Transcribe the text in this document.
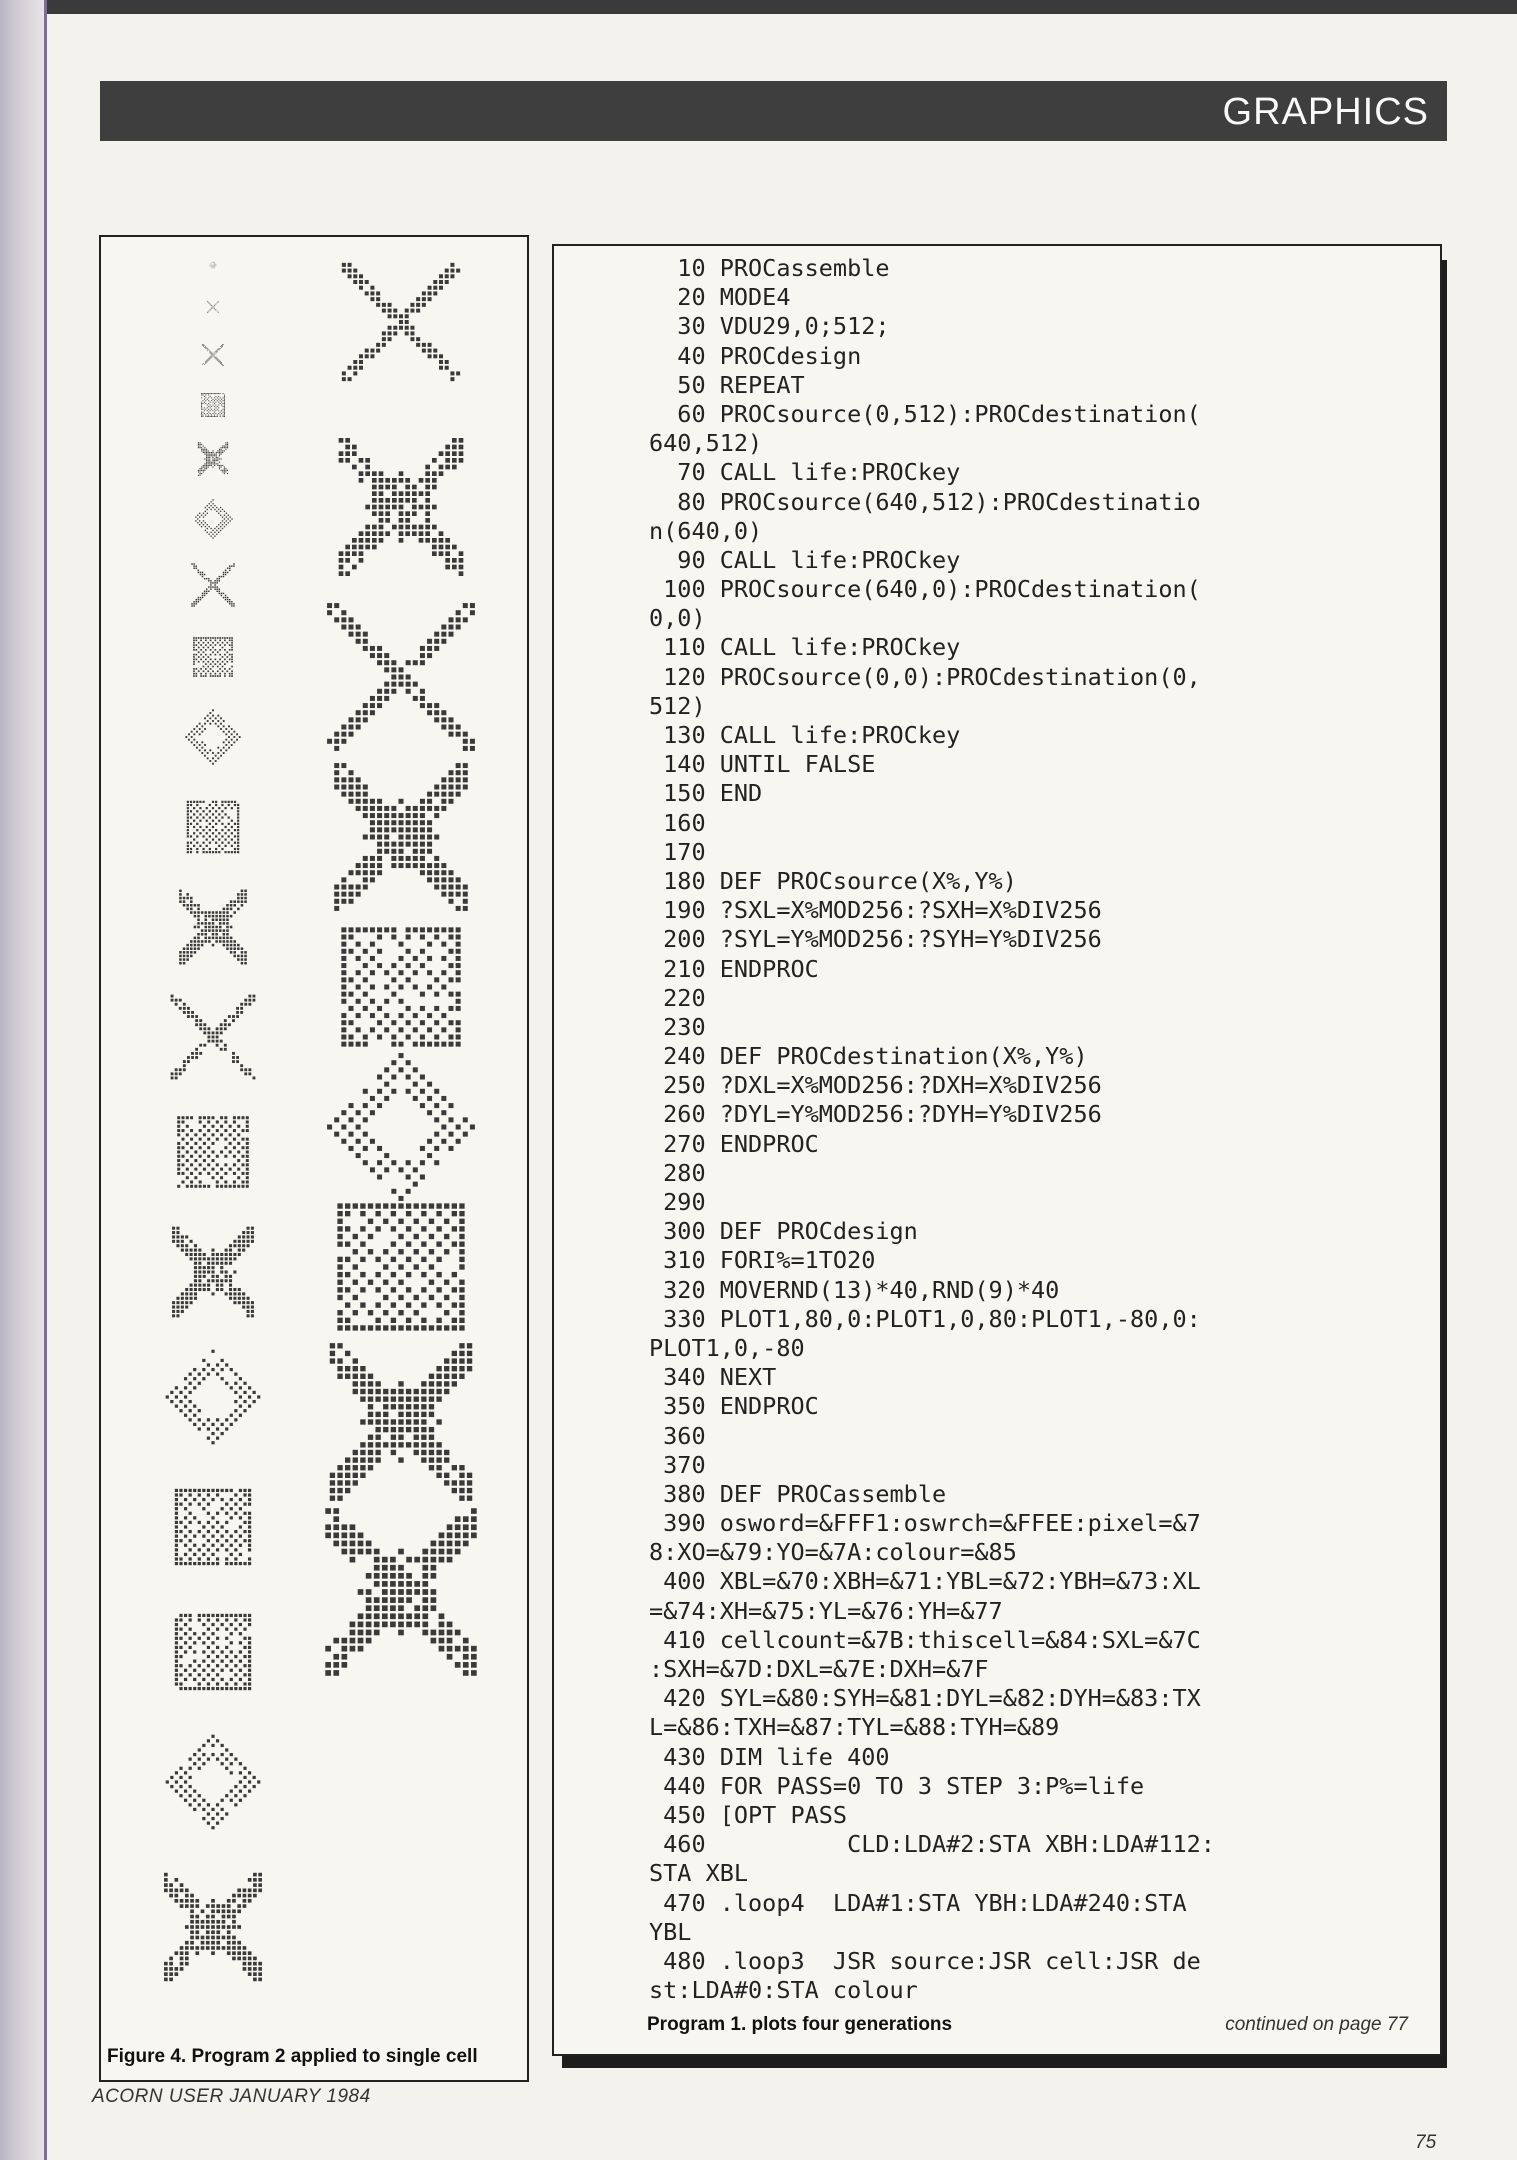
GRAPHICS
Figure 4. Program 2 applied to single cell
10 PROCassemble
20 MODE4
30 VDU29,0;512;
40 PROCdesign
50 REPEAT
60 PROCsource(0,512):PROCdestination(
640,512)
70 CALL life:PROCkey
80 PROCsource(640,512):PROCdestinatio
n(640,0)
90 CALL life:PROCkey
100 PROCsource(640,0):PROCdestination(
0,0)
110 CALL life:PROCkey
120 PROCsource(0,0):PROCdestination(0,
512)
130 CALL life:PROCkey
140 UNTIL FALSE
150 END
160
170
180 DEF PROCsource(X%,Y%)
190 ?SXL=X%MOD256:?SXH=X%DIV256
200 ?SYL=Y%MOD256:?SYH=Y%DIV256
210 ENDPROC
220
230
240 DEF PROCdestination(X%,Y%)
250 ?DXL=X%MOD256:?DXH=X%DIV256
260 ?DYL=Y%MOD256:?DYH=Y%DIV256
270 ENDPROC
280
290
300 DEF PROCdesign
310 FORI%=1TO20
320 MOVERND(13)*40,RND(9)*40
330 PLOT1,80,0:PLOT1,0,80:PLOT1,-80,0:
PLOT1,0,-80
340 NEXT
350 ENDPROC
360
370
380 DEF PROCassemble
390 osword=&FFF1:oswrch=&FFEE:pixel=&7
8:XO=&79:YO=&7A:colour=&85
400 XBL=&70:XBH=&71:YBL=&72:YBH=&73:XL
=&74:XH=&75:YL=&76:YH=&77
410 cellcount=&7B:thiscell=&84:SXL=&7C
:SXH=&7D:DXL=&7E:DXH=&7F
420 SYL=&80:SYH=&81:DYL=&82:DYH=&83:TX
L=&86:TXH=&87:TYL=&88:TYH=&89
430 DIM life 400
440 FOR PASS=0 TO 3 STEP 3:P%=life
450 [OPT PASS
460          CLD:LDA#2:STA XBH:LDA#112:
STA XBL
470 .loop4  LDA#1:STA YBH:LDA#240:STA
YBL
480 .loop3  JSR source:JSR cell:JSR de
st:LDA#0:STA colour
Program 1. plots four generations	continued on page 77
ACORN USER JANUARY 1984
75
